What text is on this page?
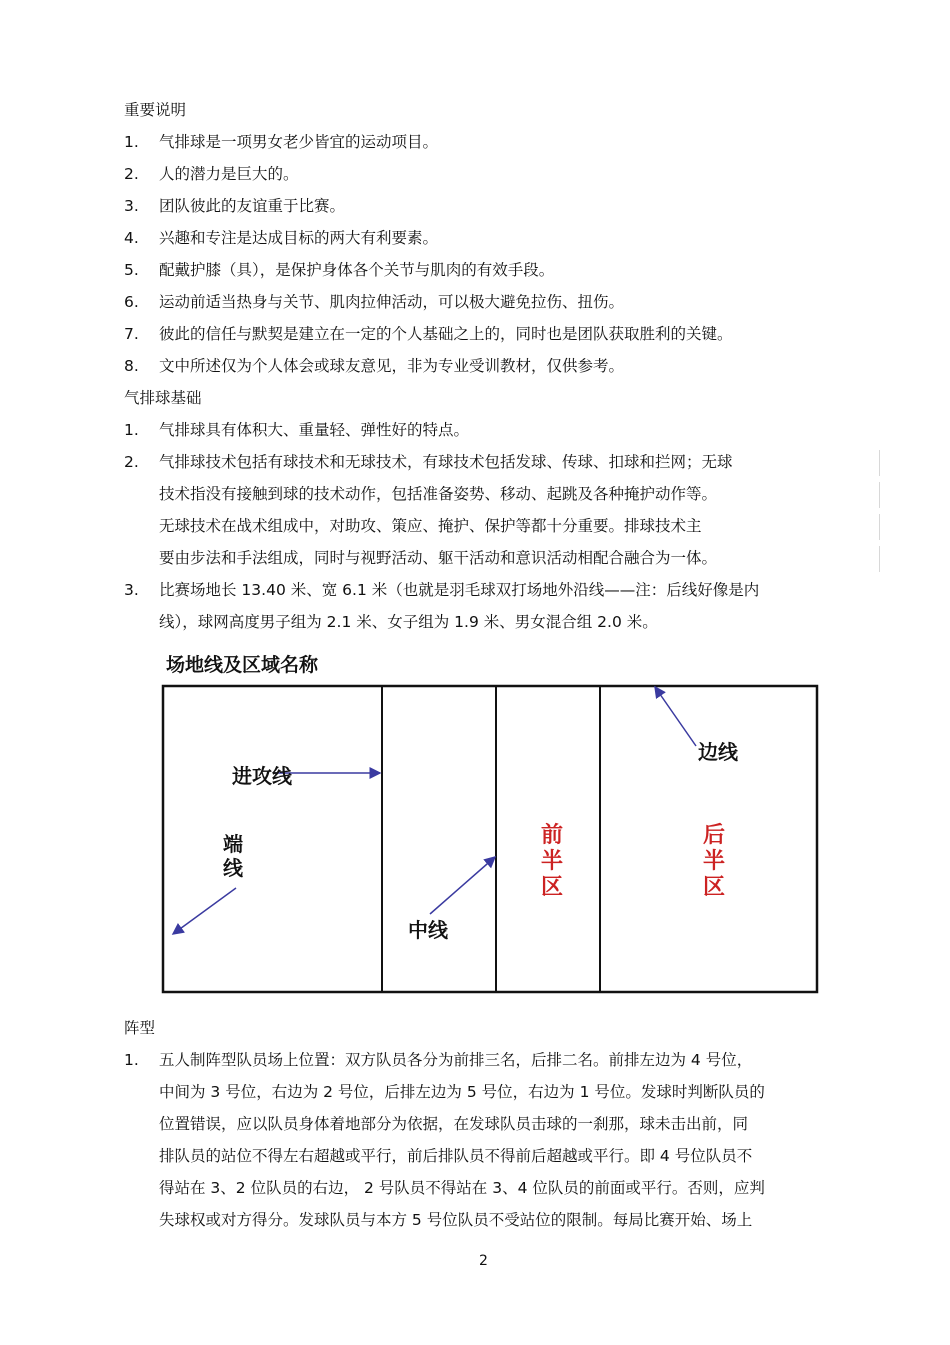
重要说明
1. 气排球是一项男女老少皆宜的运动项目。
2. 人的潜力是巨大的。
3. 团队彼此的友谊重于比赛。
4. 兴趣和专注是达成目标的两大有利要素。
5. 配戴护膝（具），是保护身体各个关节与肌肉的有效手段。
6. 运动前适当热身与关节、肌肉拉伸活动，可以极大避免拉伤、扭伤。
7. 彼此的信任与默契是建立在一定的个人基础之上的，同时也是团队获取胜利的关键。
8. 文中所述仅为个人体会或球友意见，非为专业受训教材，仅供参考。
气排球基础
1. 气排球具有体积大、重量轻、弹性好的特点。
2. 气排球技术包括有球技术和无球技术，有球技术包括发球、传球、扣球和拦网；无球
技术指没有接触到球的技术动作，包括准备姿势、移动、起跳及各种掩护动作等。
无球技术在战术组成中，对助攻、策应、掩护、保护等都十分重要。排球技术主
要由步法和手法组成，同时与视野活动、躯干活动和意识活动相配合融合为一体。
3. 比赛场地长 13.40 米、宽 6.1 米（也就是羽毛球双打场地外沿线——注：后线好像是内
线），球网高度男子组为 2.1 米、女子组为 1.9 米、男女混合组 2.0 米。
场地线及区域名称
进攻线
边线
端
线
中线
前
半
区
后
半
区
阵型
1. 五人制阵型队员场上位置：双方队员各分为前排三名，后排二名。前排左边为 4 号位，
中间为 3 号位，右边为 2 号位，后排左边为 5 号位，右边为 1 号位。发球时判断队员的
位置错误，应以队员身体着地部分为依据，在发球队员击球的一刹那，球未击出前，同
排队员的站位不得左右超越或平行，前后排队员不得前后超越或平行。即 4 号位队员不
得站在 3、2 位队员的右边， 2 号队员不得站在 3、4 位队员的前面或平行。否则，应判
失球权或对方得分。发球队员与本方 5 号位队员不受站位的限制。每局比赛开始、场上
2
